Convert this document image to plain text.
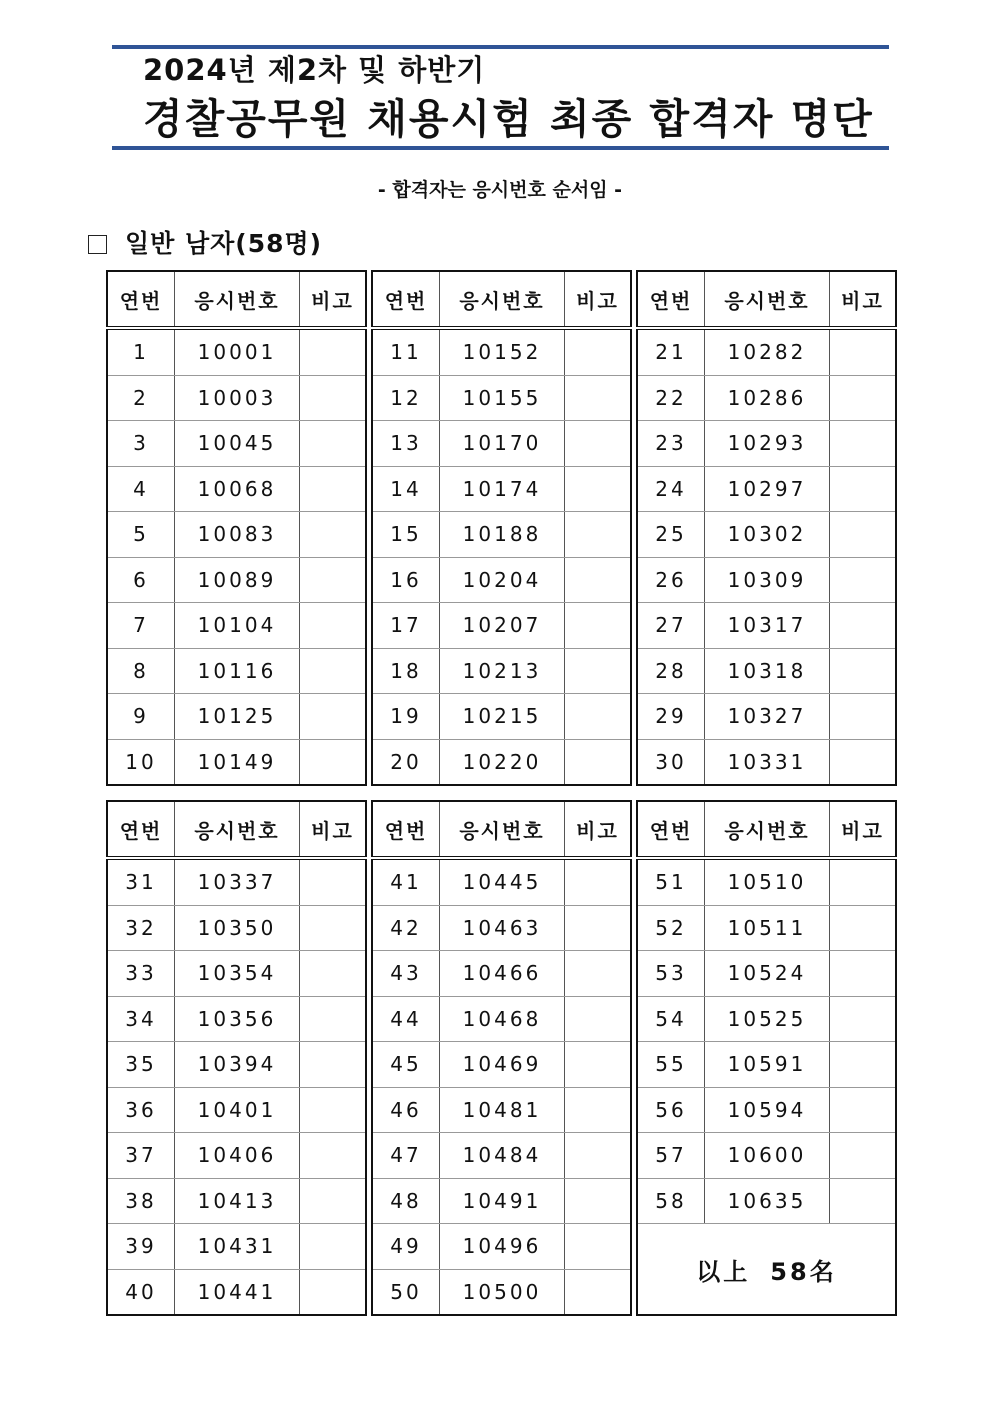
2024년 제2차 및 하반기
경찰공무원 채용시험 최종 합격자 명단
- 합격자는 응시번호 순서임 -
일반 남자(58명)
연번	응시번호	비고
1	10001	
2	10003	
3	10045	
4	10068	
5	10083	
6	10089	
7	10104	
8	10116	
9	10125	
10	10149	
연번	응시번호	비고
11	10152	
12	10155	
13	10170	
14	10174	
15	10188	
16	10204	
17	10207	
18	10213	
19	10215	
20	10220	
연번	응시번호	비고
21	10282	
22	10286	
23	10293	
24	10297	
25	10302	
26	10309	
27	10317	
28	10318	
29	10327	
30	10331	
연번	응시번호	비고
31	10337	
32	10350	
33	10354	
34	10356	
35	10394	
36	10401	
37	10406	
38	10413	
39	10431	
40	10441	
연번	응시번호	비고
41	10445	
42	10463	
43	10466	
44	10468	
45	10469	
46	10481	
47	10484	
48	10491	
49	10496	
50	10500	
연번	응시번호	비고
51	10510	
52	10511	
53	10524	
54	10525	
55	10591	
56	10594	
57	10600	
58	10635	
以上 58名		
